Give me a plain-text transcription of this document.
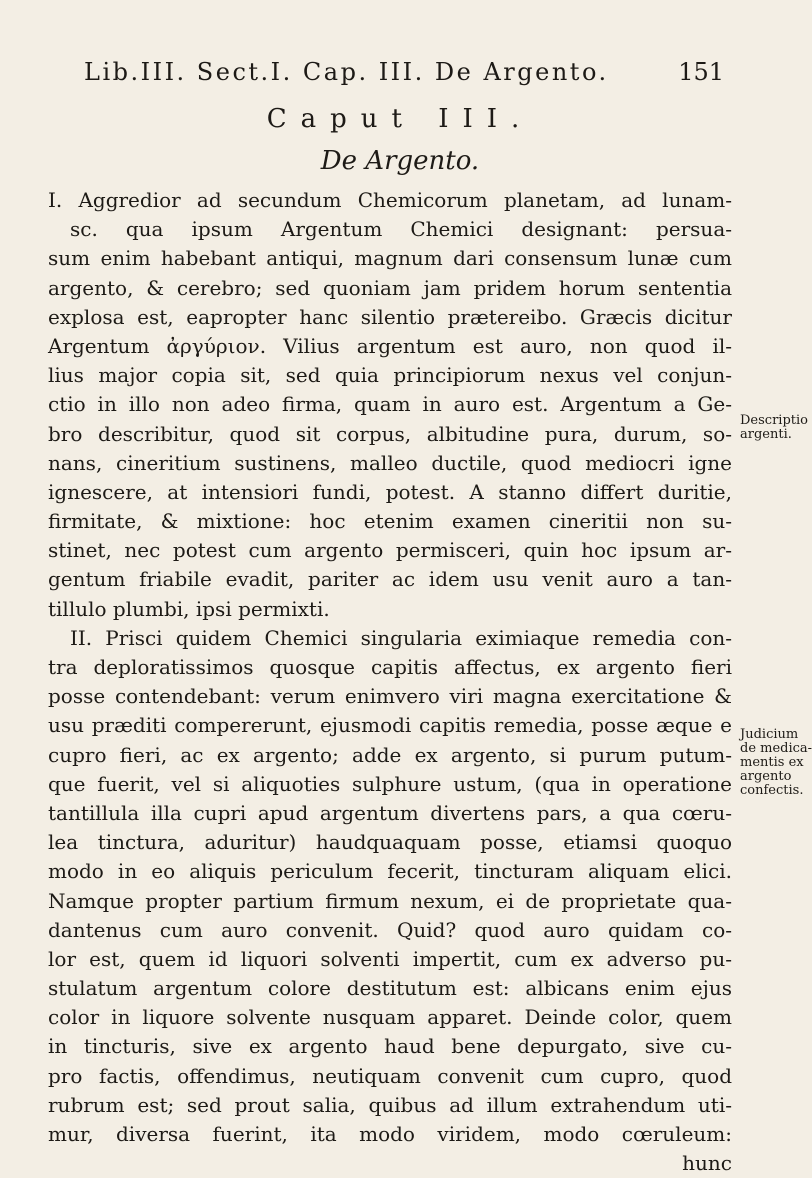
Lib.III. Sect.I. Cap. III. De Argento.	151
Caput III.
De Argento.
I. Aggredior ad secundum Chemicorum planetam, ad lunam-
sc. qua ipsum Argentum Chemici designant: persua-
sum enim habebant antiqui, magnum dari consensum lunæ cum
argento, & cerebro; sed quoniam jam pridem horum sententia
explosa est, eapropter hanc silentio prætereibo. Græcis dicitur
Argentum ἀργύριον. Vilius argentum est auro, non quod il-
lius major copia sit, sed quia principiorum nexus vel conjun-
ctio in illo non adeo firma, quam in auro est. Argentum a Ge-
bro describitur, quod sit corpus, albitudine pura, durum, so-
nans, cineritium sustinens, malleo ductile, quod mediocri igne
ignescere, at intensiori fundi, potest. A stanno differt duritie,
firmitate, & mixtione: hoc etenim examen cineritii non su-
stinet, nec potest cum argento permisceri, quin hoc ipsum ar-
gentum friabile evadit, pariter ac idem usu venit auro a tan-
tillulo plumbi, ipsi permixti.
II. Prisci quidem Chemici singularia eximiaque remedia con-
tra deploratissimos quosque capitis affectus, ex argento fieri
posse contendebant: verum enimvero viri magna exercitatione &
usu præditi compererunt, ejusmodi capitis remedia, posse æque e
cupro fieri, ac ex argento; adde ex argento, si purum putum-
que fuerit, vel si aliquoties sulphure ustum, (qua in operatione
tantillula illa cupri apud argentum divertens pars, a qua cœru-
lea tinctura, aduritur) haudquaquam posse, etiamsi quoquo
modo in eo aliquis periculum fecerit, tincturam aliquam elici.
Namque propter partium firmum nexum, ei de proprietate qua-
dantenus cum auro convenit. Quid? quod auro quidam co-
lor est, quem id liquori solventi impertit, cum ex adverso pu-
stulatum argentum colore destitutum est: albicans enim ejus
color in liquore solvente nusquam apparet. Deinde color, quem
in tincturis, sive ex argento haud bene depurgato, sive cu-
pro factis, offendimus, neutiquam convenit cum cupro, quod
rubrum est; sed prout salia, quibus ad illum extrahendum uti-
mur, diversa fuerint, ita modo viridem, modo cœruleum:
hunc
Descriptio
argenti.
Judicium
de medica-
mentis ex
argento
confectis.
